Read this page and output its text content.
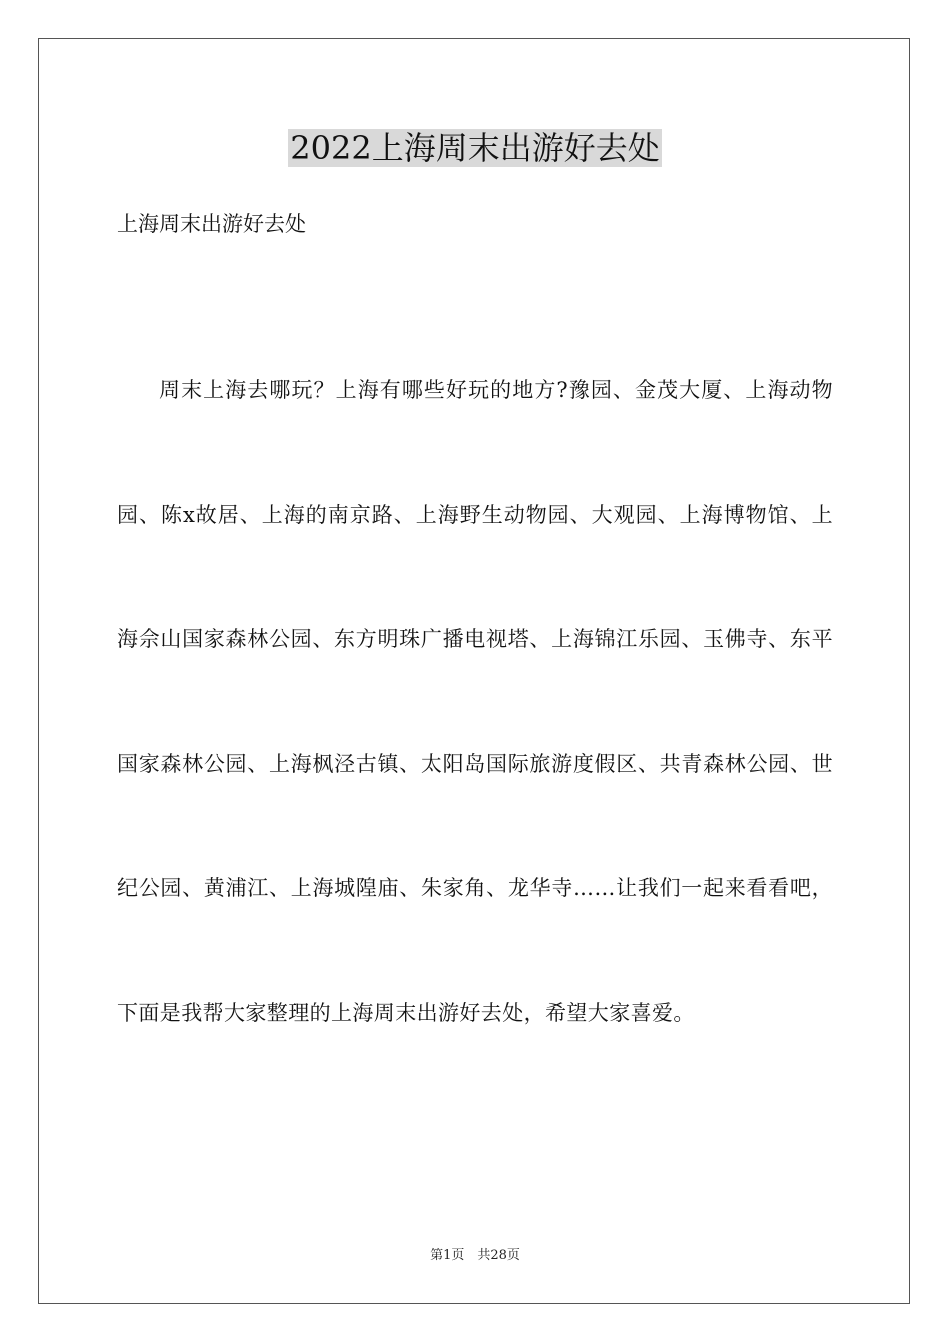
2022上海周末出游好去处

上海周末出游好去处

周末上海去哪玩？上海有哪些好玩的地方?豫园、金茂大厦、上海动物园、陈x故居、上海的南京路、上海野生动物园、大观园、上海博物馆、上海佘山国家森林公园、东方明珠广播电视塔、上海锦江乐园、玉佛寺、东平国家森林公园、上海枫泾古镇、太阳岛国际旅游度假区、共青森林公园、世纪公园、黄浦江、上海城隍庙、朱家角、龙华寺……让我们一起来看看吧，下面是我帮大家整理的上海周末出游好去处，希望大家喜爱。

第1页　共28页
